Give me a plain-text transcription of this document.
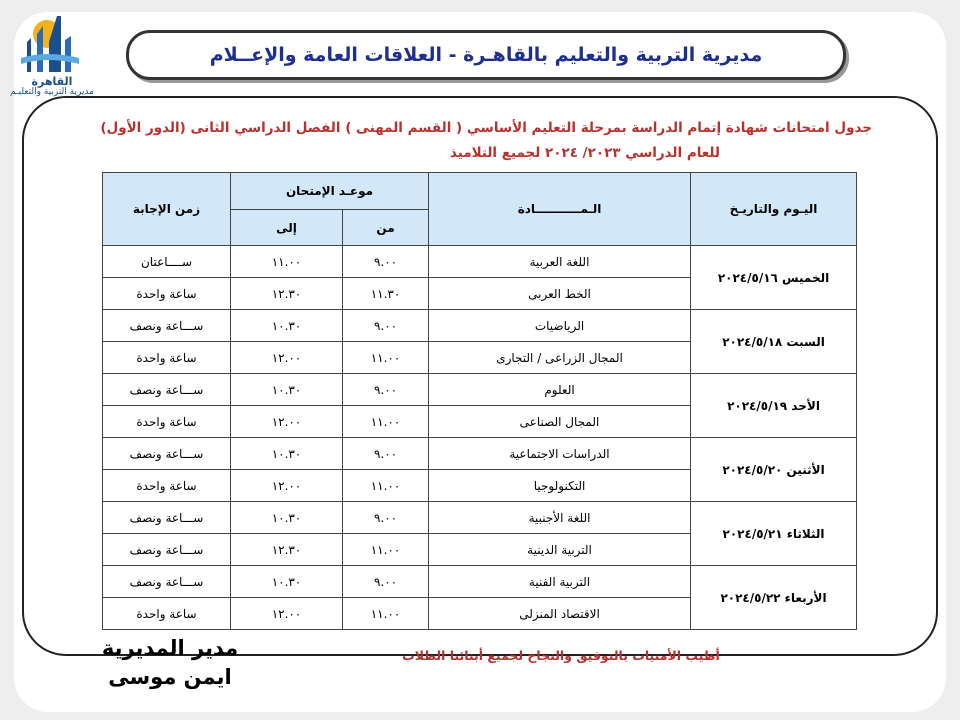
القاهرة
مديرية التربية والتعليـم
مديرية التربية والتعليم بالقاهـرة - العلاقات العامة والإعــلام
جدول امتحانات شهادة إتمام الدراسة بمرحلة التعليم الأساسي ( القسم المهنى ) الفصل الدراسي الثانى (الدور الأول)
للعام الدراسي ٢٠٢٣/ ٢٠٢٤ لجميع التلاميذ
اليـوم والتاريـخ	الـمـــــــــــادة	موعـد الإمتحان		زمن الإجابة
		من	إلى	
الخميس ٢٠٢٤/٥/١٦	اللغة العربية	٩.٠٠	١١.٠٠	ســــاعتان
	الخط العربى	١١.٣٠	١٢.٣٠	ساعة واحدة
السبت ٢٠٢٤/٥/١٨	الرياضيات	٩.٠٠	١٠.٣٠	ســـاعة ونصف
	المجال الزراعى / التجارى	١١.٠٠	١٢.٠٠	ساعة واحدة
الأحد ٢٠٢٤/٥/١٩	العلوم	٩.٠٠	١٠.٣٠	ســـاعة ونصف
	المجال الصناعى	١١.٠٠	١٢.٠٠	ساعة واحدة
الأثنين ٢٠٢٤/٥/٢٠	الدراسات الاجتماعية	٩.٠٠	١٠.٣٠	ســـاعة ونصف
	التكنولوجيا	١١.٠٠	١٢.٠٠	ساعة واحدة
الثلاثاء ٢٠٢٤/٥/٢١	اللغة الأجنبية	٩.٠٠	١٠.٣٠	ســـاعة ونصف
	التربية الدينية	١١.٠٠	١٢.٣٠	ســـاعة ونصف
الأربعاء ٢٠٢٤/٥/٢٢	التربية الفنية	٩.٠٠	١٠.٣٠	ســـاعة ونصف
	الاقتصاد المنزلى	١١.٠٠	١٢.٠٠	ساعة واحدة
مدير المديرية
ايمن موسى
أطيب الأمنيات بالتوفيق والنجاح لجميع أبنائنا الطلاب
